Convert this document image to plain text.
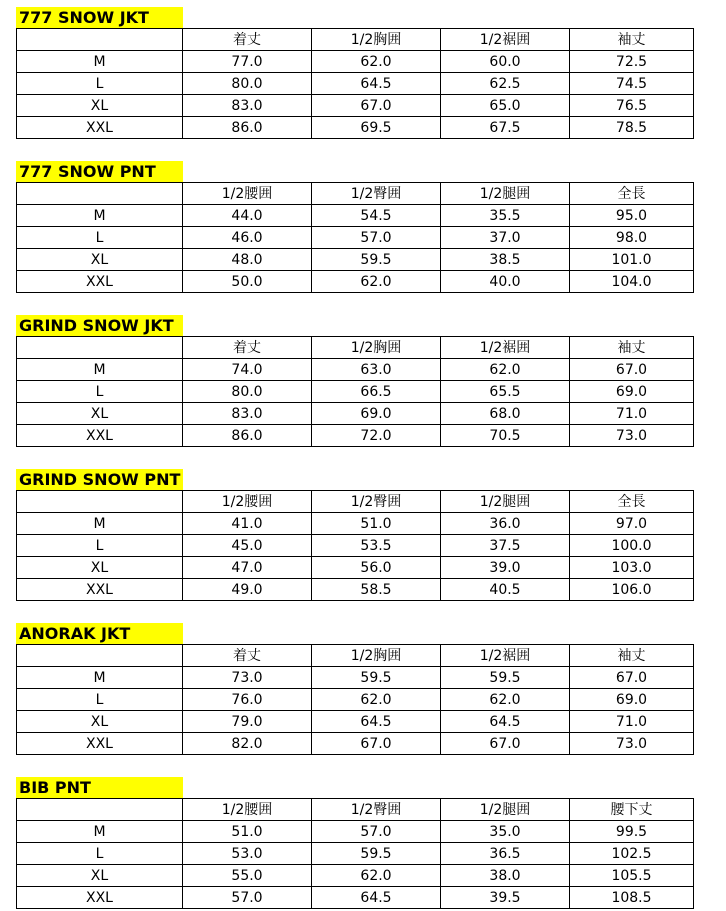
777 SNOW JKT
	着丈	1/2胸囲	1/2裾囲	袖丈
M	77.0	62.0	60.0	72.5
L	80.0	64.5	62.5	74.5
XL	83.0	67.0	65.0	76.5
XXL	86.0	69.5	67.5	78.5
777 SNOW PNT
	1/2腰囲	1/2臀囲	1/2腿囲	全長
M	44.0	54.5	35.5	95.0
L	46.0	57.0	37.0	98.0
XL	48.0	59.5	38.5	101.0
XXL	50.0	62.0	40.0	104.0
GRIND SNOW JKT
	着丈	1/2胸囲	1/2裾囲	袖丈
M	74.0	63.0	62.0	67.0
L	80.0	66.5	65.5	69.0
XL	83.0	69.0	68.0	71.0
XXL	86.0	72.0	70.5	73.0
GRIND SNOW PNT
	1/2腰囲	1/2臀囲	1/2腿囲	全長
M	41.0	51.0	36.0	97.0
L	45.0	53.5	37.5	100.0
XL	47.0	56.0	39.0	103.0
XXL	49.0	58.5	40.5	106.0
ANORAK JKT
	着丈	1/2胸囲	1/2裾囲	袖丈
M	73.0	59.5	59.5	67.0
L	76.0	62.0	62.0	69.0
XL	79.0	64.5	64.5	71.0
XXL	82.0	67.0	67.0	73.0
BIB PNT
	1/2腰囲	1/2臀囲	1/2腿囲	腰下丈
M	51.0	57.0	35.0	99.5
L	53.0	59.5	36.5	102.5
XL	55.0	62.0	38.0	105.5
XXL	57.0	64.5	39.5	108.5
